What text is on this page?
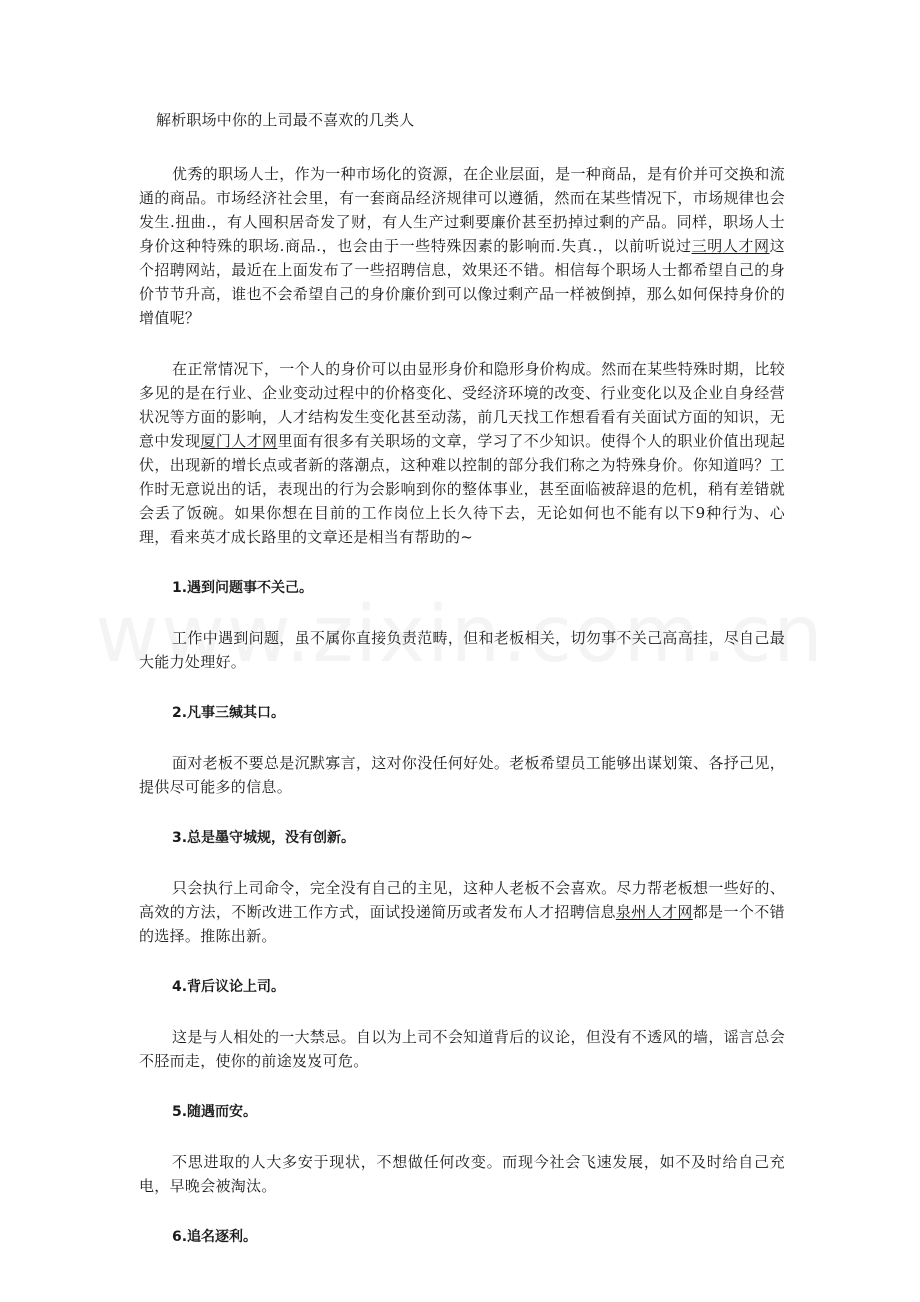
解析职场中你的上司最不喜欢的几类人

优秀的职场人士，作为一种市场化的资源，在企业层面，是一种商品，是有价并可交换和流通的商品。市场经济社会里，有一套商品经济规律可以遵循，然而在某些情况下，市场规律也会发生.扭曲.，有人囤积居奇发了财，有人生产过剩要廉价甚至扔掉过剩的产品。同样，职场人士身价这种特殊的职场.商品.，也会由于一些特殊因素的影响而.失真.，以前听说过三明人才网这个招聘网站，最近在上面发布了一些招聘信息，效果还不错。相信每个职场人士都希望自己的身价节节升高，谁也不会希望自己的身价廉价到可以像过剩产品一样被倒掉，那么如何保持身价的增值呢？

在正常情况下，一个人的身价可以由显形身价和隐形身价构成。然而在某些特殊时期，比较多见的是在行业、企业变动过程中的价格变化、受经济环境的改变、行业变化以及企业自身经营状况等方面的影响，人才结构发生变化甚至动荡，前几天找工作想看看有关面试方面的知识，无意中发现厦门人才网里面有很多有关职场的文章，学习了不少知识。使得个人的职业价值出现起伏，出现新的增长点或者新的落潮点，这种难以控制的部分我们称之为特殊身价。你知道吗？工作时无意说出的话，表现出的行为会影响到你的整体事业，甚至面临被辞退的危机，稍有差错就会丢了饭碗。如果你想在目前的工作岗位上长久待下去，无论如何也不能有以下9种行为、心理，看来英才成长路里的文章还是相当有帮助的~

1.遇到问题事不关己。

工作中遇到问题，虽不属你直接负责范畴，但和老板相关，切勿事不关己高高挂，尽自己最大能力处理好。

2.凡事三缄其口。

面对老板不要总是沉默寡言，这对你没任何好处。老板希望员工能够出谋划策、各抒己见，提供尽可能多的信息。

3.总是墨守城规，没有创新。

只会执行上司命令，完全没有自己的主见，这种人老板不会喜欢。尽力帮老板想一些好的、高效的方法，不断改进工作方式，面试投递简历或者发布人才招聘信息泉州人才网都是一个不错的选择。推陈出新。

4.背后议论上司。

这是与人相处的一大禁忌。自以为上司不会知道背后的议论，但没有不透风的墙，谣言总会不胫而走，使你的前途岌岌可危。

5.随遇而安。

不思进取的人大多安于现状，不想做任何改变。而现今社会飞速发展，如不及时给自己充电，早晚会被淘汰。

6.追名逐利。
